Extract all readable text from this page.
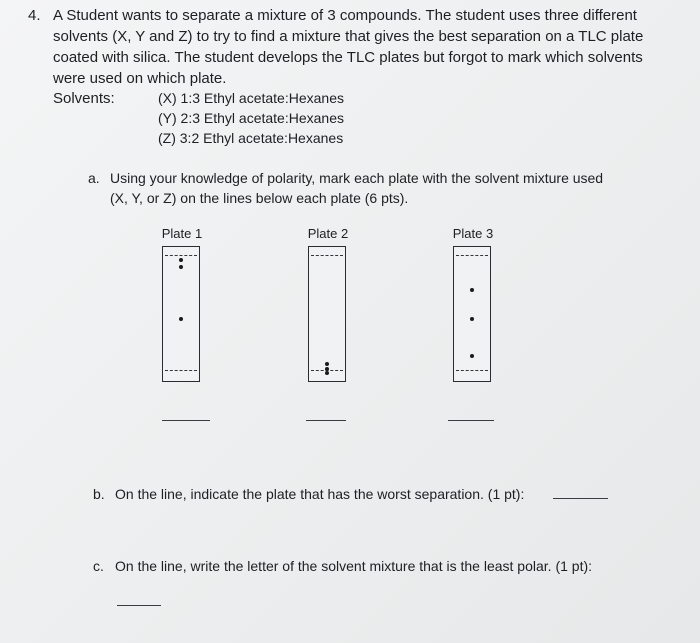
4. A Student wants to separate a mixture of 3 compounds. The student uses three different
solvents (X, Y and Z) to try to find a mixture that gives the best separation on a TLC plate
coated with silica. The student develops the TLC plates but forgot to mark which solvents
were used on which plate.
Solvents:	(X) 1:3 Ethyl acetate:Hexanes
(Y) 2:3 Ethyl acetate:Hexanes
(Z) 3:2 Ethyl acetate:Hexanes
a. Using your knowledge of polarity, mark each plate with the solvent mixture used
(X, Y, or Z) on the lines below each plate (6 pts).
Plate 1	Plate 2	Plate 3
b. On the line, indicate the plate that has the worst separation. (1 pt):
c. On the line, write the letter of the solvent mixture that is the least polar. (1 pt):
